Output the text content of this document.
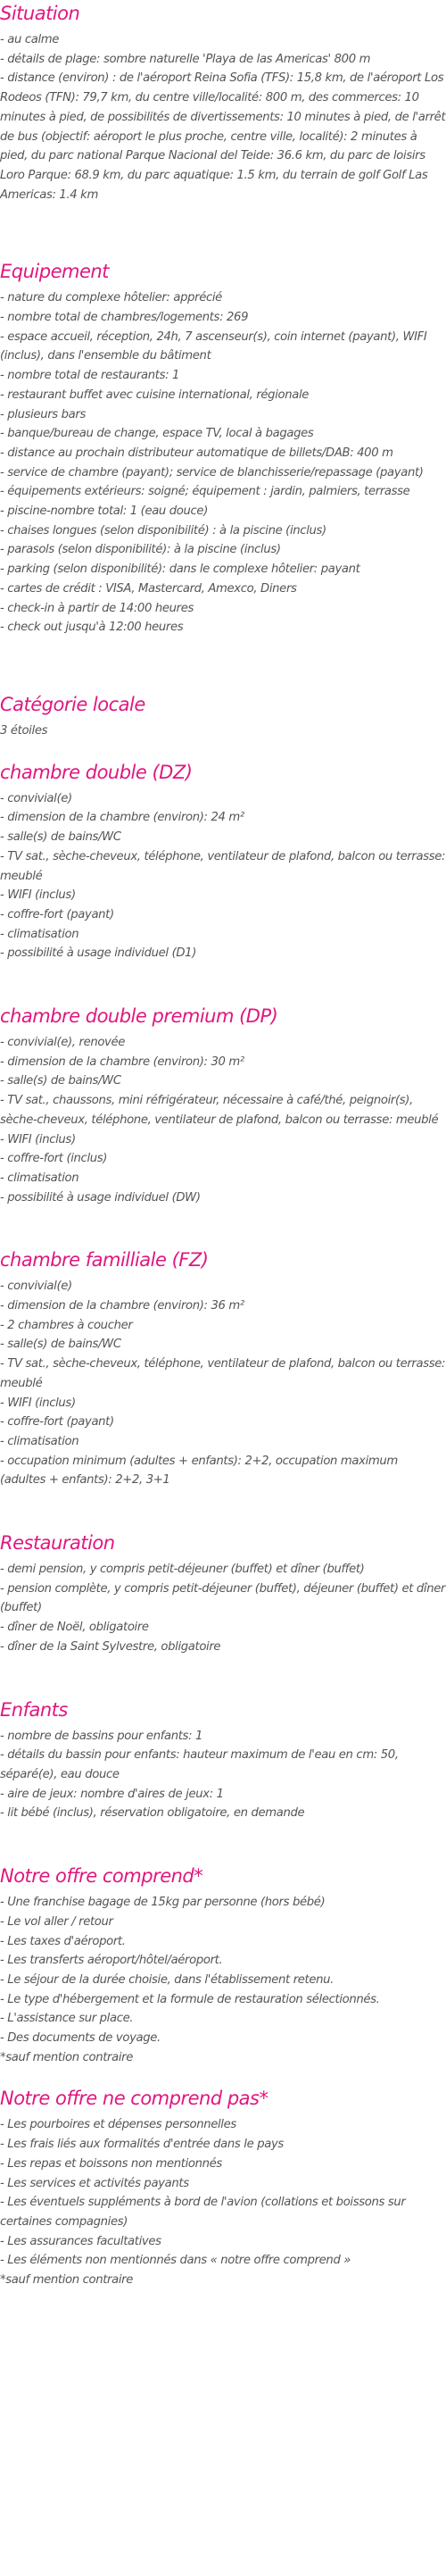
Situation
- au calme
- détails de plage: sombre naturelle 'Playa de las Americas' 800 m
- distance (environ) : de l'aéroport Reina Sofia (TFS): 15,8 km, de l'aéroport Los Rodeos (TFN): 79,7 km, du centre ville/localité: 800 m, des commerces: 10 minutes à pied, de possibilités de divertissements: 10 minutes à pied, de l'arrêt de bus (objectif: aéroport le plus proche, centre ville, localité): 2 minutes à pied, du parc national Parque Nacional del Teide: 36.6 km, du parc de loisirs Loro Parque: 68.9 km, du parc aquatique: 1.5 km, du terrain de golf Golf Las Americas: 1.4 km
Equipement
- nature du complexe hôtelier: apprécié
- nombre total de chambres/logements: 269
- espace accueil, réception, 24h, 7 ascenseur(s), coin internet (payant), WIFI (inclus), dans l'ensemble du bâtiment
- nombre total de restaurants: 1
- restaurant buffet avec cuisine international, régionale
- plusieurs bars
- banque/bureau de change, espace TV, local à bagages
- distance au prochain distributeur automatique de billets/DAB: 400 m
- service de chambre (payant); service de blanchisserie/repassage (payant)
- équipements extérieurs: soigné; équipement : jardin, palmiers, terrasse
- piscine-nombre total: 1 (eau douce)
- chaises longues (selon disponibilité) : à la piscine (inclus)
- parasols (selon disponibilité): à la piscine (inclus)
- parking (selon disponibilité): dans le complexe hôtelier: payant
- cartes de crédit : VISA, Mastercard, Amexco, Diners
- check-in à partir de 14:00 heures
- check out jusqu'à 12:00 heures
Catégorie locale
3 étoiles
chambre double (DZ)
- convivial(e)
- dimension de la chambre (environ): 24 m²
- salle(s) de bains/WC
- TV sat., sèche-cheveux, téléphone, ventilateur de plafond, balcon ou terrasse: meublé
- WIFI (inclus)
- coffre-fort (payant)
- climatisation
- possibilité à usage individuel (D1)
chambre double premium (DP)
- convivial(e), renovée
- dimension de la chambre (environ): 30 m²
- salle(s) de bains/WC
- TV sat., chaussons, mini réfrigérateur, nécessaire à café/thé, peignoir(s), sèche-cheveux, téléphone, ventilateur de plafond, balcon ou terrasse: meublé
- WIFI (inclus)
- coffre-fort (inclus)
- climatisation
- possibilité à usage individuel (DW)
chambre familliale (FZ)
- convivial(e)
- dimension de la chambre (environ): 36 m²
- 2 chambres à coucher
- salle(s) de bains/WC
- TV sat., sèche-cheveux, téléphone, ventilateur de plafond, balcon ou terrasse: meublé
- WIFI (inclus)
- coffre-fort (payant)
- climatisation
- occupation minimum (adultes + enfants): 2+2, occupation maximum (adultes + enfants): 2+2, 3+1
Restauration
- demi pension, y compris petit-déjeuner (buffet) et dîner (buffet)
- pension complète, y compris petit-déjeuner (buffet), déjeuner (buffet) et dîner (buffet)
- dîner de Noël, obligatoire
- dîner de la Saint Sylvestre, obligatoire
Enfants
- nombre de bassins pour enfants: 1
- détails du bassin pour enfants: hauteur maximum de l'eau en cm: 50, séparé(e), eau douce
- aire de jeux: nombre d'aires de jeux: 1
- lit bébé (inclus), réservation obligatoire, en demande
Notre offre comprend*
- Une franchise bagage de 15kg par personne (hors bébé)
- Le vol aller / retour
- Les taxes d'aéroport.
- Les transferts aéroport/hôtel/aéroport.
- Le séjour de la durée choisie, dans l'établissement retenu.
- Le type d'hébergement et la formule de restauration sélectionnés.
- L'assistance sur place.
- Des documents de voyage.
*sauf mention contraire
Notre offre ne comprend pas*
- Les pourboires et dépenses personnelles
- Les frais liés aux formalités d'entrée dans le pays
- Les repas et boissons non mentionnés
- Les services et activités payants
- Les éventuels suppléments à bord de l'avion (collations et boissons sur certaines compagnies)
- Les assurances facultatives
- Les éléments non mentionnés dans « notre offre comprend »
*sauf mention contraire
